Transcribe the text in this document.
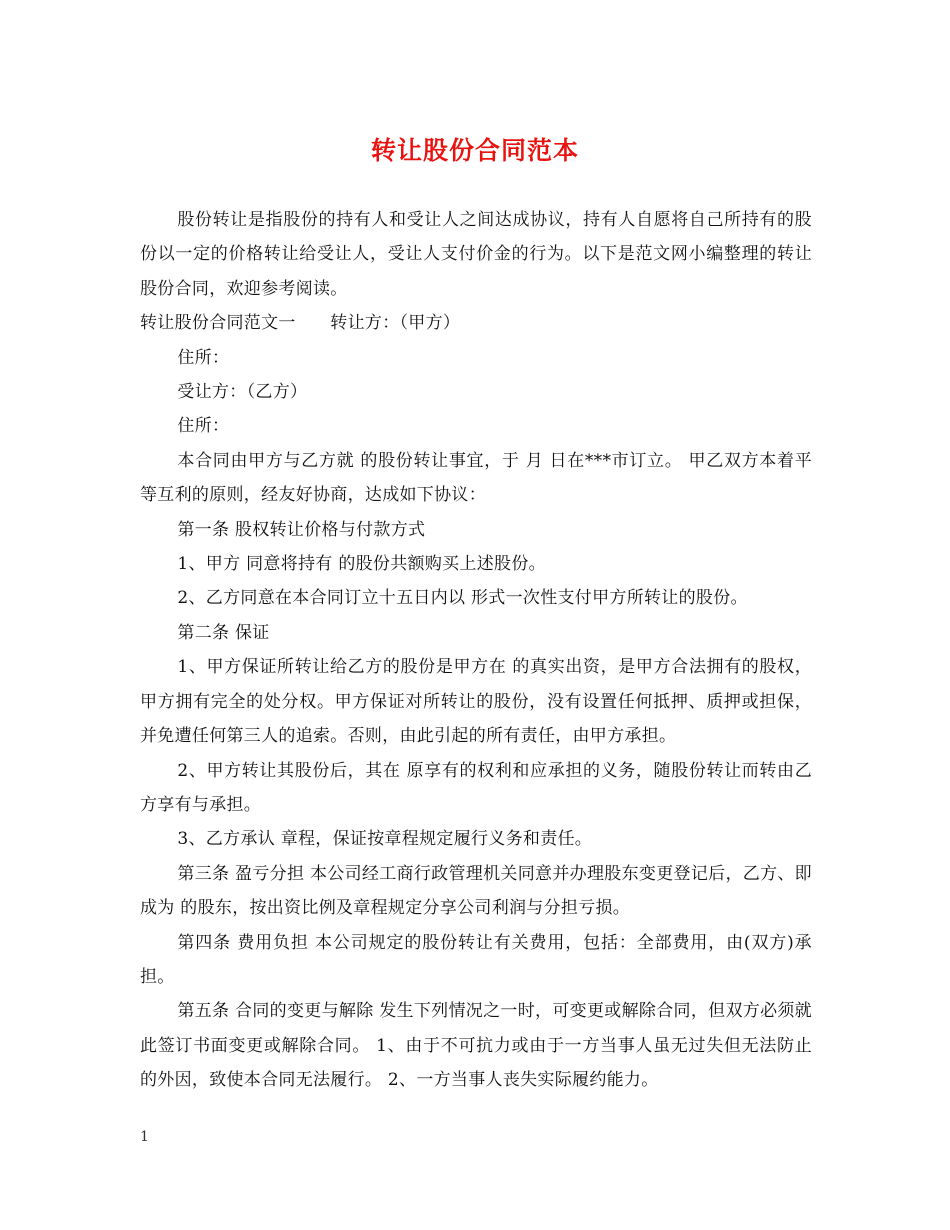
转让股份合同范本

股份转让是指股份的持有人和受让人之间达成协议，持有人自愿将自己所持有的股份以一定的价格转让给受让人，受让人支付价金的行为。以下是范文网小编整理的转让股份合同，欢迎参考阅读。

转让股份合同范文一　　转让方：（甲方）

住所：

受让方：（乙方）

住所：

本合同由甲方与乙方就 的股份转让事宜，于 月 日在***市订立。 甲乙双方本着平等互利的原则，经友好协商，达成如下协议：

第一条 股权转让价格与付款方式

1、甲方 同意将持有 的股份共额购买上述股份。

2、乙方同意在本合同订立十五日内以 形式一次性支付甲方所转让的股份。

第二条 保证

1、甲方保证所转让给乙方的股份是甲方在 的真实出资，是甲方合法拥有的股权，甲方拥有完全的处分权。甲方保证对所转让的股份，没有设置任何抵押、质押或担保，并免遭任何第三人的追索。否则，由此引起的所有责任，由甲方承担。

2、甲方转让其股份后，其在 原享有的权利和应承担的义务，随股份转让而转由乙方享有与承担。

3、乙方承认 章程，保证按章程规定履行义务和责任。

第三条 盈亏分担 本公司经工商行政管理机关同意并办理股东变更登记后，乙方、即成为 的股东，按出资比例及章程规定分享公司利润与分担亏损。

第四条 费用负担 本公司规定的股份转让有关费用，包括：全部费用，由(双方)承担。

第五条 合同的变更与解除 发生下列情况之一时，可变更或解除合同，但双方必须就此签订书面变更或解除合同。 1、由于不可抗力或由于一方当事人虽无过失但无法防止的外因，致使本合同无法履行。 2、一方当事人丧失实际履约能力。

1
